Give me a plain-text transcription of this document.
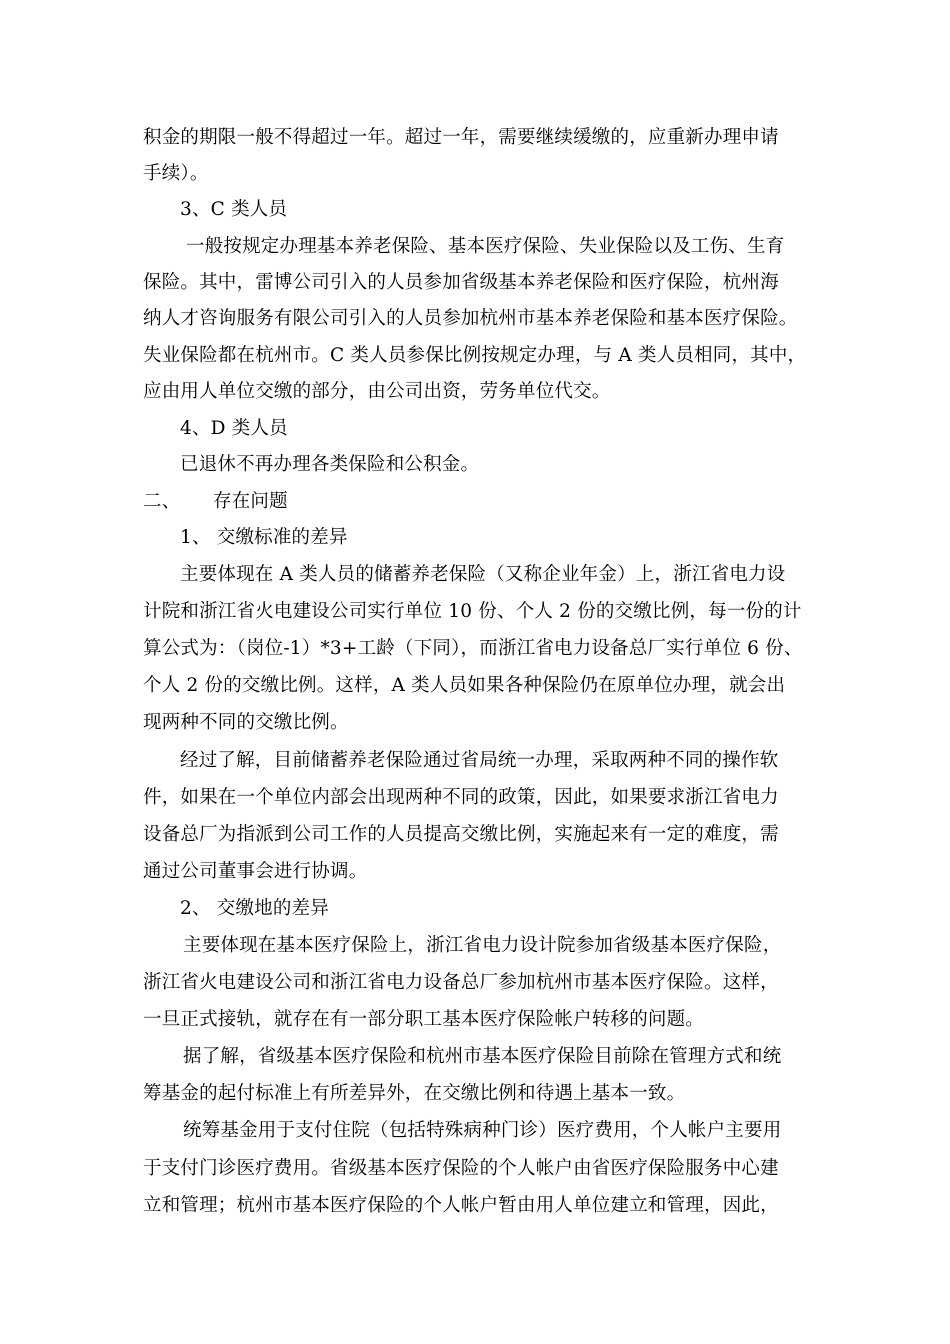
积金的期限一般不得超过一年。超过一年，需要继续缓缴的，应重新办理申请
手续）。
3、C 类人员
一般按规定办理基本养老保险、基本医疗保险、失业保险以及工伤、生育
保险。其中，雷博公司引入的人员参加省级基本养老保险和医疗保险，杭州海
纳人才咨询服务有限公司引入的人员参加杭州市基本养老保险和基本医疗保险。
失业保险都在杭州市。C 类人员参保比例按规定办理，与 A 类人员相同，其中，
应由用人单位交缴的部分，由公司出资，劳务单位代交。
4、D 类人员
已退休不再办理各类保险和公积金。
二、 存在问题
1、 交缴标准的差异
主要体现在 A 类人员的储蓄养老保险（又称企业年金）上，浙江省电力设
计院和浙江省火电建设公司实行单位 10 份、个人 2 份的交缴比例，每一份的计
算公式为：（岗位-1）*3+工龄（下同），而浙江省电力设备总厂实行单位 6 份、
个人 2 份的交缴比例。这样，A 类人员如果各种保险仍在原单位办理，就会出
现两种不同的交缴比例。
经过了解，目前储蓄养老保险通过省局统一办理，采取两种不同的操作软
件，如果在一个单位内部会出现两种不同的政策，因此，如果要求浙江省电力
设备总厂为指派到公司工作的人员提高交缴比例，实施起来有一定的难度，需
通过公司董事会进行协调。
2、 交缴地的差异
主要体现在基本医疗保险上，浙江省电力设计院参加省级基本医疗保险，
浙江省火电建设公司和浙江省电力设备总厂参加杭州市基本医疗保险。这样，
一旦正式接轨，就存在有一部分职工基本医疗保险帐户转移的问题。
据了解，省级基本医疗保险和杭州市基本医疗保险目前除在管理方式和统
筹基金的起付标准上有所差异外，在交缴比例和待遇上基本一致。
统筹基金用于支付住院（包括特殊病种门诊）医疗费用，个人帐户主要用
于支付门诊医疗费用。省级基本医疗保险的个人帐户由省医疗保险服务中心建
立和管理；杭州市基本医疗保险的个人帐户暂由用人单位建立和管理，因此，
